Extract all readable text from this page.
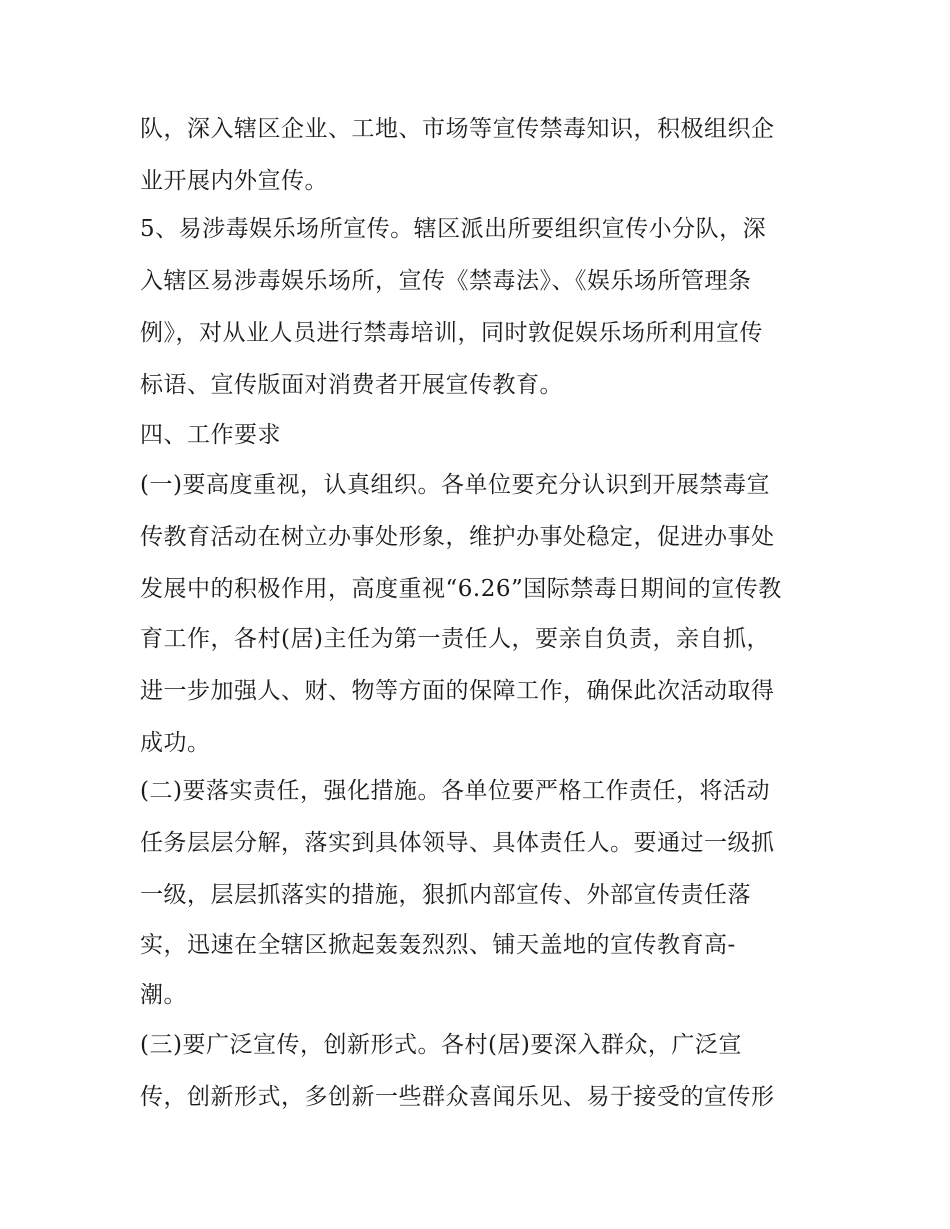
队，深入辖区企业、工地、市场等宣传禁毒知识，积极组织企
业开展内外宣传。
5、易涉毒娱乐场所宣传。辖区派出所要组织宣传小分队，深
入辖区易涉毒娱乐场所，宣传《禁毒法》、《娱乐场所管理条
例》，对从业人员进行禁毒培训，同时敦促娱乐场所利用宣传
标语、宣传版面对消费者开展宣传教育。
四、工作要求
(一)要高度重视，认真组织。各单位要充分认识到开展禁毒宣
传教育活动在树立办事处形象，维护办事处稳定，促进办事处
发展中的积极作用，高度重视“6.26”国际禁毒日期间的宣传教
育工作，各村(居)主任为第一责任人，要亲自负责，亲自抓，
进一步加强人、财、物等方面的保障工作，确保此次活动取得
成功。
(二)要落实责任，强化措施。各单位要严格工作责任，将活动
任务层层分解，落实到具体领导、具体责任人。要通过一级抓
一级，层层抓落实的措施，狠抓内部宣传、外部宣传责任落
实，迅速在全辖区掀起轰轰烈烈、铺天盖地的宣传教育高-
潮。
(三)要广泛宣传，创新形式。各村(居)要深入群众，广泛宣
传，创新形式，多创新一些群众喜闻乐见、易于接受的宣传形
